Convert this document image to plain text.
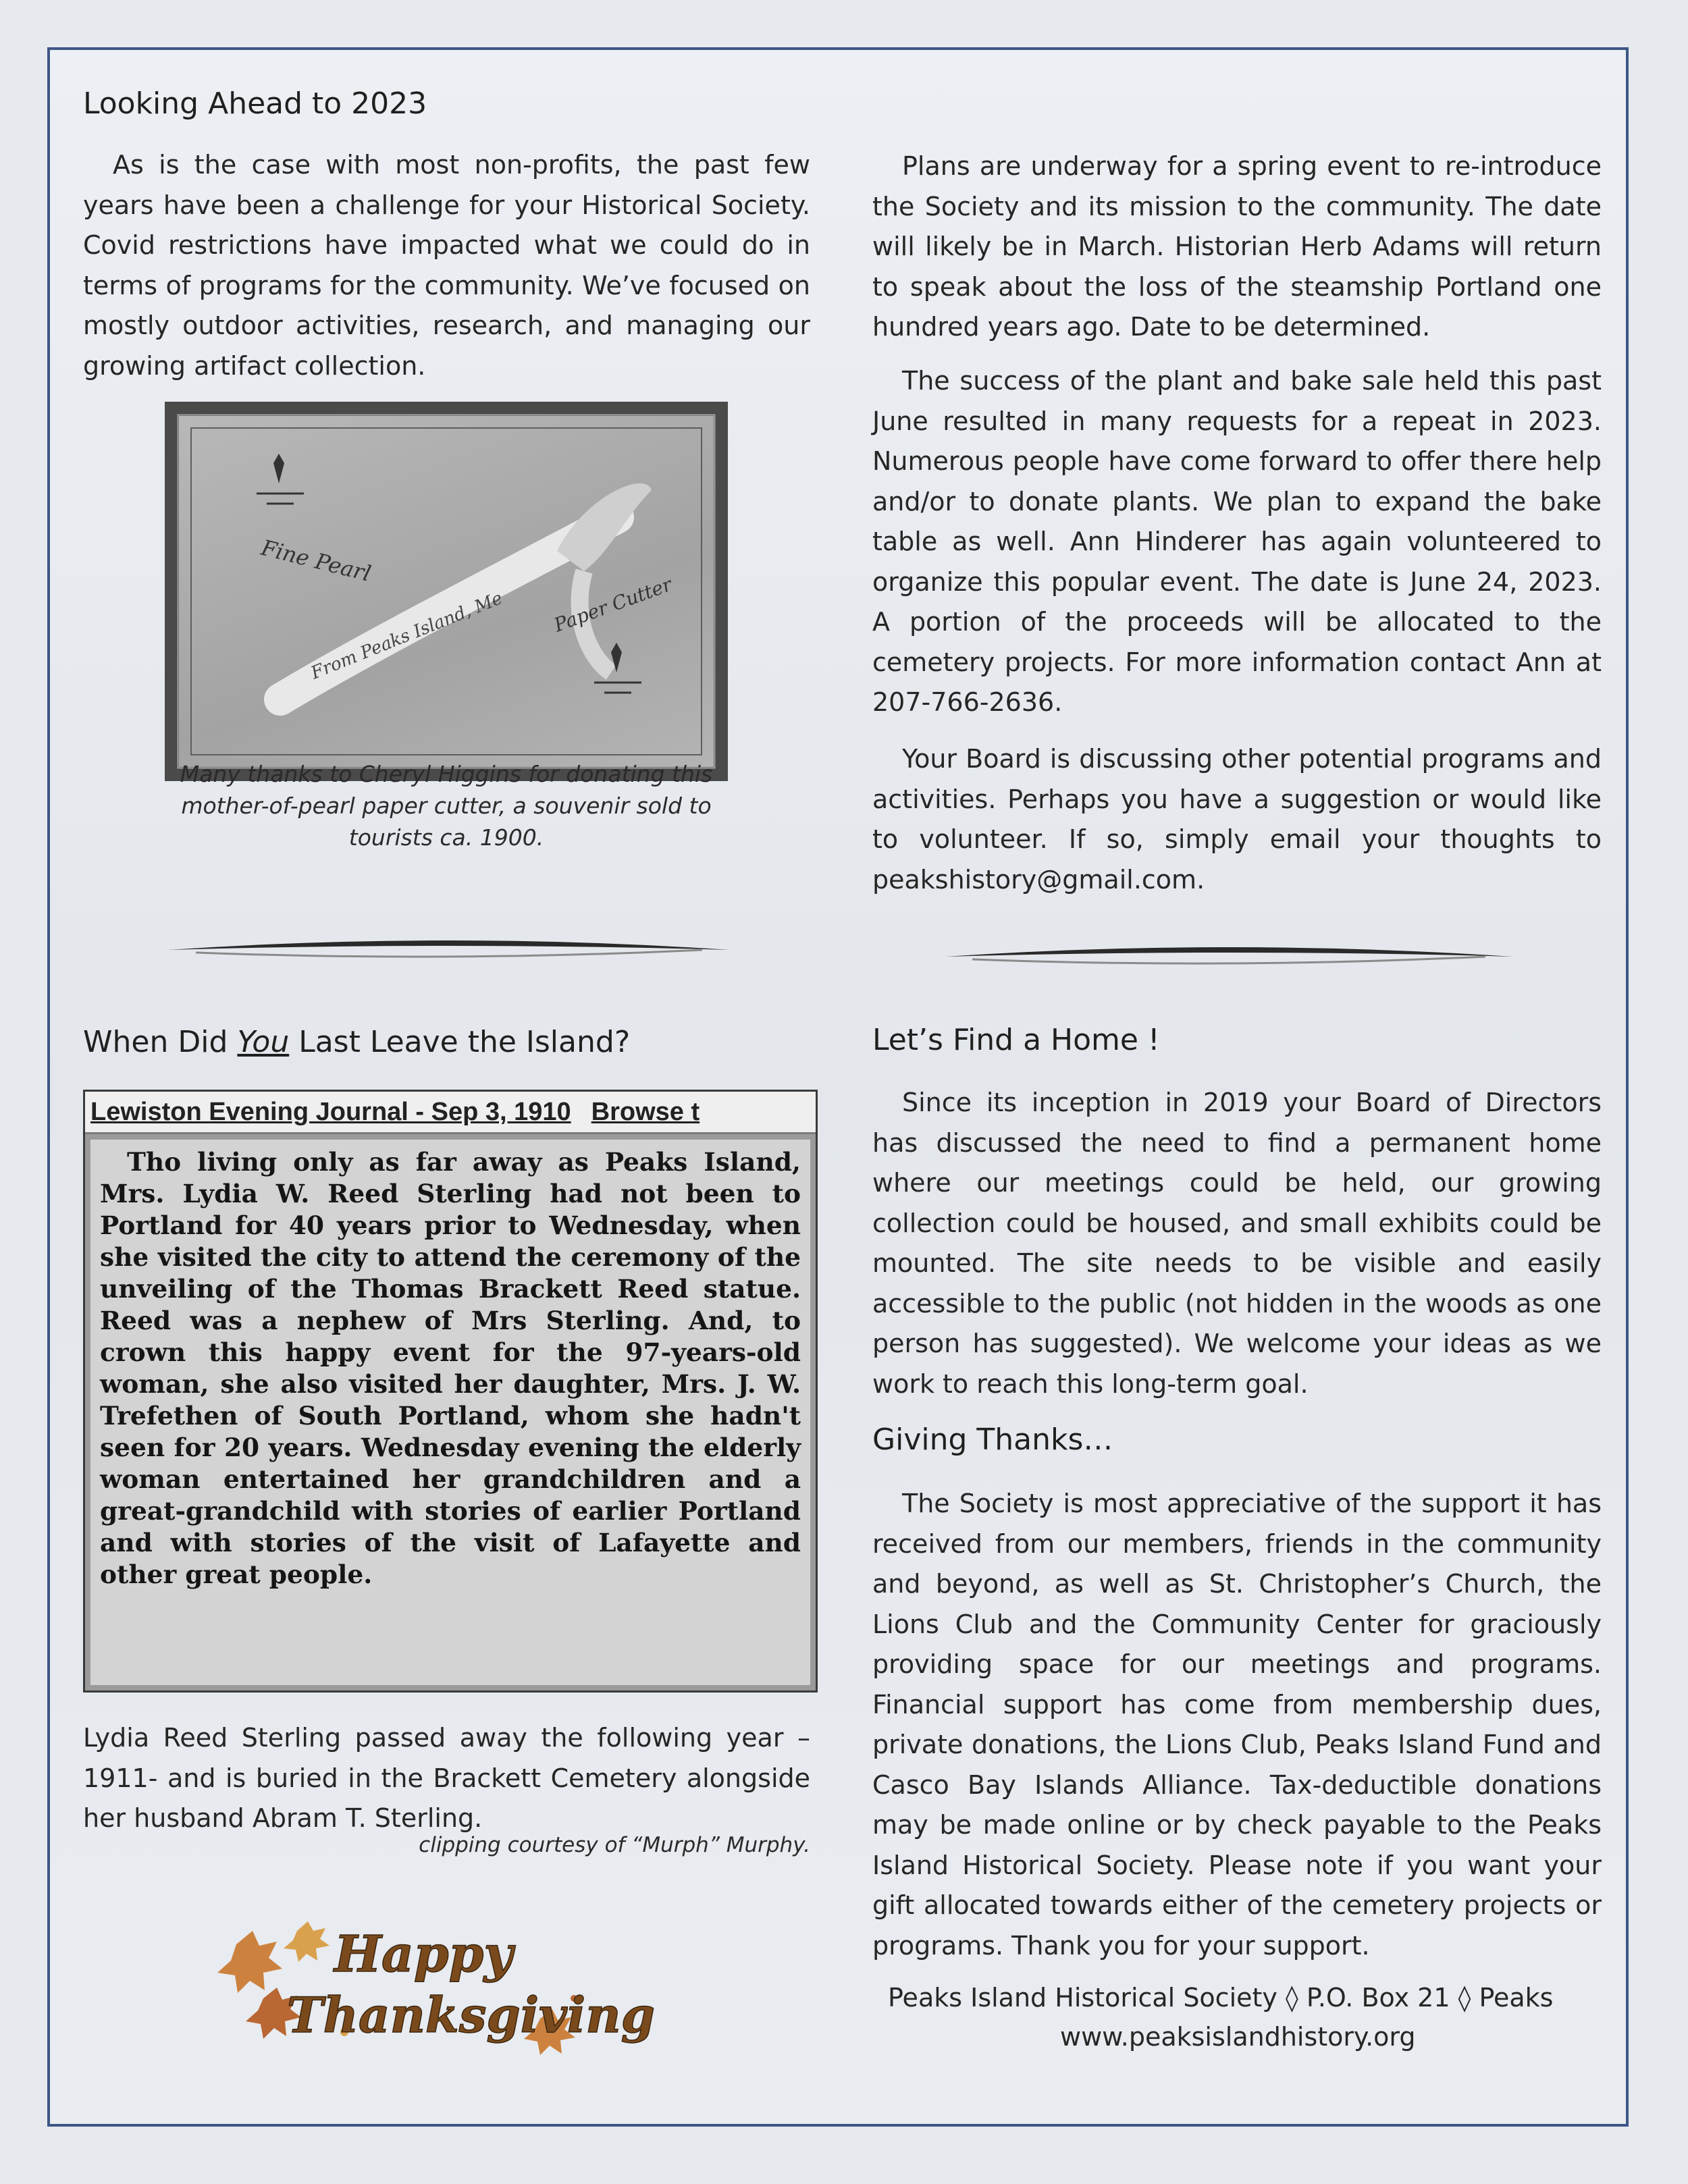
Looking Ahead to 2023

As is the case with most non-profits, the past few years have been a challenge for your Historical Society. Covid restrictions have impacted what we could do in terms of programs for the community. We’ve focused on mostly outdoor activities, research, and managing our growing artifact collection.

Fine Pearl
From Peaks Island, Me Paper Cutter
Many thanks to Cheryl Higgins for donating this mother-of-pearl paper cutter, a souvenir sold to tourists ca. 1900.
When Did You Last Leave the Island?
Lewiston Evening Journal - Sep 3, 1910 Browse t

Tho living only as far away as Peaks Island, Mrs. Lydia W. Reed Sterling had not been to Portland for 40 years prior to Wednesday, when she visited the city to attend the ceremony of the unveiling of the Thomas Brackett Reed statue. Reed was a nephew of Mrs Sterling. And, to crown this happy event for the 97-years-old woman, she also visited her daughter, Mrs. J. W. Trefethen of South Portland, whom she hadn't seen for 20 years. Wednesday evening the elderly woman entertained her grandchildren and a great-grandchild with stories of earlier Portland and with stories of the visit of Lafayette and other great people.

Lydia Reed Sterling passed away the following year – 1911- and is buried in the Brackett Cemetery alongside her husband Abram T. Sterling.

clipping courtesy of “Murph” Murphy.
Happy
Thanksgiving

Plans are underway for a spring event to re-introduce the Society and its mission to the community. The date will likely be in March. Historian Herb Adams will return to speak about the loss of the steamship Portland one hundred years ago. Date to be determined.

The success of the plant and bake sale held this past June resulted in many requests for a repeat in 2023. Numerous people have come forward to offer there help and/or to donate plants. We plan to expand the bake table as well. Ann Hinderer has again volunteered to organize this popular event. The date is June 24, 2023. A portion of the proceeds will be allocated to the cemetery projects. For more information contact Ann at 207-766-2636.

Your Board is discussing other potential programs and activities. Perhaps you have a suggestion or would like to volunteer. If so, simply email your thoughts to peakshistory@gmail.com.

Let’s Find a Home !

Since its inception in 2019 your Board of Directors has discussed the need to find a permanent home where our meetings could be held, our growing collection could be housed, and small exhibits could be mounted. The site needs to be visible and easily accessible to the public (not hidden in the woods as one person has suggested). We welcome your ideas as we work to reach this long-term goal.

Giving Thanks…

The Society is most appreciative of the support it has received from our members, friends in the community and beyond, as well as St. Christopher’s Church, the Lions Club and the Community Center for graciously providing space for our meetings and programs. Financial support has come from membership dues, private donations, the Lions Club, Peaks Island Fund and Casco Bay Islands Alliance. Tax-deductible donations may be made online or by check payable to the Peaks Island Historical Society. Please note if you want your gift allocated towards either of the cemetery projects or programs. Thank you for your support.

Peaks Island Historical Society ◊ P.O. Box 21 ◊ Peaks
www.peaksislandhistory.org
